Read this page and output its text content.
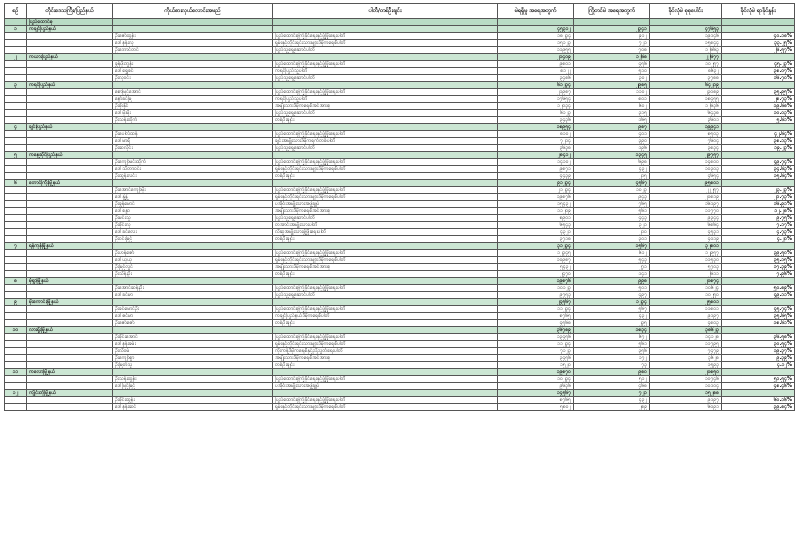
စဉ်	တိုင်းဒေသကြီး/ပြည်နယ်	ကိုယ်စားလှယ်လောင်းအမည်	ပါတီ/တစ်ဦးချင်း	မဲရရှိမှု အရေအတွက်	ကြိုတင်မဲ အရေအတွက်	ခိုင်လုံမဲ စုစုပေါင်း	ခိုင်လုံမဲ ရာခိုင်နှုန်း
	ပြည်ထောင်စု						
၁	ကချင်ပြည်နယ်			၄၅၃၁၂	၂၃၄၁	၄၇၆၅၃	
		ဦးဇော်ထွန်း	ပြည်ထောင်စုကြံ့ခိုင်ရေးနှင့်ဖွံ့ဖြိုးရေးပါတီ	၁၈၂၃၄	၉၁၂	၁၉၁၄၆	၄၀.၁၈%
		ဒေါ်နန်းလှ	ရှမ်းနှင့်တိုင်းရင်းသားများဒီမိုကရေစီပါတီ	၁၅၁၂၃	၇၂၁	၁၅၈၄၄	၃၃.၂၅%
		ဦးဘောင်တင်	ပြည်သူ့ရှေ့ဆောင်ပါတီ	၁၁၉၅၅	၇၀၈	၁၂၆၆၃	၂၆.၅၇%
၂	ကယားပြည်နယ်			၂၁၄၀၉	၁၂၆၈	၂၂၆၇၇	
		ခွန်ဖိုးဘွန်း	ပြည်ထောင်စုကြံ့ခိုင်ရေးနှင့်ဖွံ့ဖြိုးရေးပါတီ	၉၈၀၁	၄၅၆	၁၀၂၅၇	၄၅.၂၃%
		ဒေါ်ရွှေစင်	ကရင်ပြည်သူ့ပါတီ	၈၁၂၂	၅၁၀	၈၆၃၂	၃၈.၀၇%
		ဦးလှဝင်း	ပြည်သူ့ရှေ့ဆောင်ပါတီ	၃၄၈၆	၃၀၂	၃၇၈၈	၁၆.၇၀%
၃	ကရင်ပြည်နယ်			၆၁၂၃၄	၂၉၈၅	၆၄၂၁၉	
		စောမြင့်အောင်	ပြည်ထောင်စုကြံ့ခိုင်ရေးနှင့်ဖွံ့ဖြိုးရေးပါတီ	၂၁၉၈၇	၁၁၀၂	၂၃၀၈၉	၃၅.၉၅%
		နော်ခင်မြ	ကရင်ပြည်သူ့ပါတီ	၁၇၆၅၄	၈၀၁	၁၈၄၅၅	၂၈.၇၃%
		ဦးစိုးနိုင်	အမျိုးသားဒီမိုကရေစီအင်အားစု	၁၂၀၃၄	၆၀၂	၁၂၆၃၆	၁၉.၆၈%
		ဒေါ်မိုးမိုး	ပြည်သူ့ရှေ့ဆောင်ပါတီ	၆၁၂၃	၃၁၅	၆၄၃၈	၁၀.၀၃%
		ဦးသန်းထိုက်	တစ်ဦးချင်း	၃၄၃၆	၁၆၅	၃၆၀၁	၅.၆၁%
၄	ချင်းပြည်နယ်			၁၈၉၅၄	၉၈၇	၁၉၉၄၁	
		ဦးပေါလ်ထန်	ပြည်ထောင်စုကြံ့ခိုင်ရေးနှင့်ဖွံ့ဖြိုးရေးပါတီ	၈၁၀၂	၄၀၁	၈၅၀၃	၄၂.၆၄%
		ဒေါ်မာရီ	ချင်းအမျိုးသားဒီမိုကရက်တစ်ပါတီ	၇၂၁၄	၃၉၀	၇၆၀၄	၃၈.၁၃%
		ဦးဆလိုင်း	ပြည်သူ့ရှေ့ဆောင်ပါတီ	၃၆၃၈	၁၉၆	၃၈၃၄	၁၉.၂၃%
၅	ကနေ့ဆိုင်ပြည်နယ်			၂၈၄၁၂	၁၃၄၅	၂၉၇၅၇	
		ဦးကျော်မင်းထိုက်	ပြည်ထောင်စုကြံ့ခိုင်ရေးနှင့်ဖွံ့ဖြိုးရေးပါတီ	၁၄၁၀၂	၆၉၈	၁၄၈၀၀	၄၉.၇၄%
		ဒေါ်သီတာဝင်း	ရှမ်းနှင့်တိုင်းရင်းသားများဒီမိုကရေစီပါတီ	၉၈၇၁	၄၃၂	၁၀၃၀၃	၃၄.၆၃%
		ဦးထွန်းလင်း	တစ်ဦးချင်း	၄၄၃၉	၂၁၅	၄၆၅၄	၁၅.၆၄%
၆	တောင်ကြီးမြို့နယ်			၉၁၂၃၄	၄၅၆၇	၉၅၈၀၁	
		ဦးအောင်ကျော်မိုး	ပြည်ထောင်စုကြံ့ခိုင်ရေးနှင့်ဖွံ့ဖြိုးရေးပါတီ	၂၁၂၃၄	၁၀၂၃	၂၂၂၅၇	၂၃.၂၃%
		ဒေါ်နွဲ့နွဲ့	ရှမ်းနှင့်တိုင်းရင်းသားများဒီမိုကရေစီပါတီ	၁၉၈၇၆	၉၄၃	၂၀၈၁၉	၂၁.၇၃%
		ဦးခွန်မောင်	ပအိုဝ်းအမျိုးသားအဖွဲ့ချုပ်	၁၅၄၃၂	၇၆၅	၁၆၁၉၇	၁၆.၉၁%
		ဒေါ်စန္ဒာ	အမျိုးသားဒီမိုကရေစီအင်အားစု	၁၁၂၀၉	၅၆၁	၁၁၇၇၀	၁၂.၂၈%
		ဦးမင်းသူ	ပြည်သူ့ရှေ့ဆောင်ပါတီ	၈၉၀၁	၄၄၃	၉၃၄၄	၉.၇၅%
		ဦးစိုင်းလှ	တအာင်းအမျိုးသားပါတီ	၆၅၄၃	၃၂၁	၆၈၆၄	၇.၁၇%
		ဒေါ်ခင်လေး	လီဆူအမျိုးသားဖွံ့ဖြိုးရေးပါတီ	၄၃၂၁	၂၁၀	၄၅၃၁	၄.၇၃%
		ဦးဝင်းမြင့်	တစ်ဦးချင်း	၃၇၁၈	၃၀၁	၄၀၁၉	၄.၂၀%
၇	ရန်ကုန်မြို့နယ်			၃၁၂၃၄	၁၅၆၇	၃၂၈၀၁	
		ဦးဟန်ဇော်	ပြည်ထောင်စုကြံ့ခိုင်ရေးနှင့်ဖွံ့ဖြိုးရေးပါတီ	၁၂၃၄၅	၆၁၂	၁၂၉၅၇	၃၉.၅၀%
		ဒေါ်ယုယု	ရှမ်းနှင့်တိုင်းရင်းသားများဒီမိုကရေစီပါတီ	၁၀၉၈၇	၅၄၃	၁၁၅၃၀	၃၅.၁၅%
		ဦးမြင့်လွင်	အမျိုးသားဒီမိုကရေစီအင်အားစု	၅၄၃၂	၂၇၁	၅၇၀၃	၁၇.၃၉%
		ဦးသိန်းဦး	တစ်ဦးချင်း	၂၄၇၀	၁၄၁	၂၆၁၁	၇.၉၆%
၈	မုံရွာမြို့နယ်			၁၉၈၇၆	၉၉၈	၂၀၈၇၄	
		ဦးအောင်ဆန်းဦး	ပြည်ထောင်စုကြံ့ခိုင်ရေးနှင့်ဖွံ့ဖြိုးရေးပါတီ	၁၀၁၂၃	၅၀၁	၁၀၆၂၄	၅၀.၈၉%
		ဒေါ်ခင်မာ	ပြည်သူ့ရှေ့ဆောင်ပါတီ	၉၇၅၃	၄၉၇	၁၀၂၅၀	၄၉.၁၁%
၉	မိုးကောင်းမြို့နယ်			၂၄၅၆၇	၁၂၃၄	၂၅၈၀၁	
		ဦးခင်မောင်ဦး	ပြည်ထောင်စုကြံ့ခိုင်ရေးနှင့်ဖွံ့ဖြိုးရေးပါတီ	၁၁၂၃၄	၅၆၇	၁၁၈၀၁	၄၅.၇၄%
		ဒေါ်ဇင်မာ	ကချင်ပြည်နယ်ဒီမိုကရေစီပါတီ	၈၇၆၅	၄၃၂	၉၁၉၇	၃၅.၆၅%
		ဦးဇော်ဇော်	တစ်ဦးချင်း	၄၅၆၈	၂၃၅	၄၈၀၃	၁၈.၆၁%
၁၀	လားရှိုးမြို့နယ်			၃၆၇၈၉	၁၈၃၄	၃၈၆၂၃	
		ဦးစိုင်းအောင်	ပြည်ထောင်စုကြံ့ခိုင်ရေးနှင့်ဖွံ့ဖြိုးရေးပါတီ	၁၃၄၅၆	၆၇၂	၁၄၁၂၈	၃၆.၅၈%
		ဒေါ်နန်းခမ်း	ရှမ်းနှင့်တိုင်းရင်းသားများဒီမိုကရေစီပါတီ	၁၁၂၃၄	၅၆၁	၁၁၇၉၅	၃၀.၅၄%
		ဦးလီဝမ်	ကိုးကန့်ဒီမိုကရေစီနှင့်ညီညွတ်ရေးပါတီ	၇၁၂၃	၃၅၆	၇၄၇၉	၁၉.၃၇%
		ဦးကျော်စွာ	အမျိုးသားဒီမိုကရေစီအင်အားစု	၃၄၅၆	၁၇၂	၃၆၂၈	၉.၃၉%
		ဦးမြတ်သူ	တစ်ဦးချင်း	၁၅၂၀	၇၃	၁၅၉၃	၄.၁၂%
၁၁	ကလောမြို့နယ်			၁၉၈၇၀	၉၈၀	၂၀၈၅၀	
		ဦးသန်းထွန်း	ပြည်ထောင်စုကြံ့ခိုင်ရေးနှင့်ဖွံ့ဖြိုးရေးပါတီ	၁၀၂၃၄	၅၁၂	၁၀၇၄၆	၅၁.၅၄%
		ဒေါ်မြင့်မြင့်	ပအိုဝ်းအမျိုးသားအဖွဲ့ချုပ်	၉၆၃၆	၄၆၈	၁၀၁၀၄	၄၈.၄၆%
၁၂	ကျိုင်းတုံမြို့နယ်			၁၄၅၆၇	၇၂၁	၁၅၂၈၈	
		ဦးစိုင်းထွန်း	ပြည်ထောင်စုကြံ့ခိုင်ရေးနှင့်ဖွံ့ဖြိုးရေးပါတီ	၈၇၆၅	၄၃၂	၉၁၉၇	၆၀.၁၆%
		ဒေါ်နန်းဆင်	ရှမ်းနှင့်တိုင်းရင်းသားများဒီမိုကရေစီပါတီ	၅၈၀၂	၂၈၉	၆၀၉၁	၃၉.၈၄%
